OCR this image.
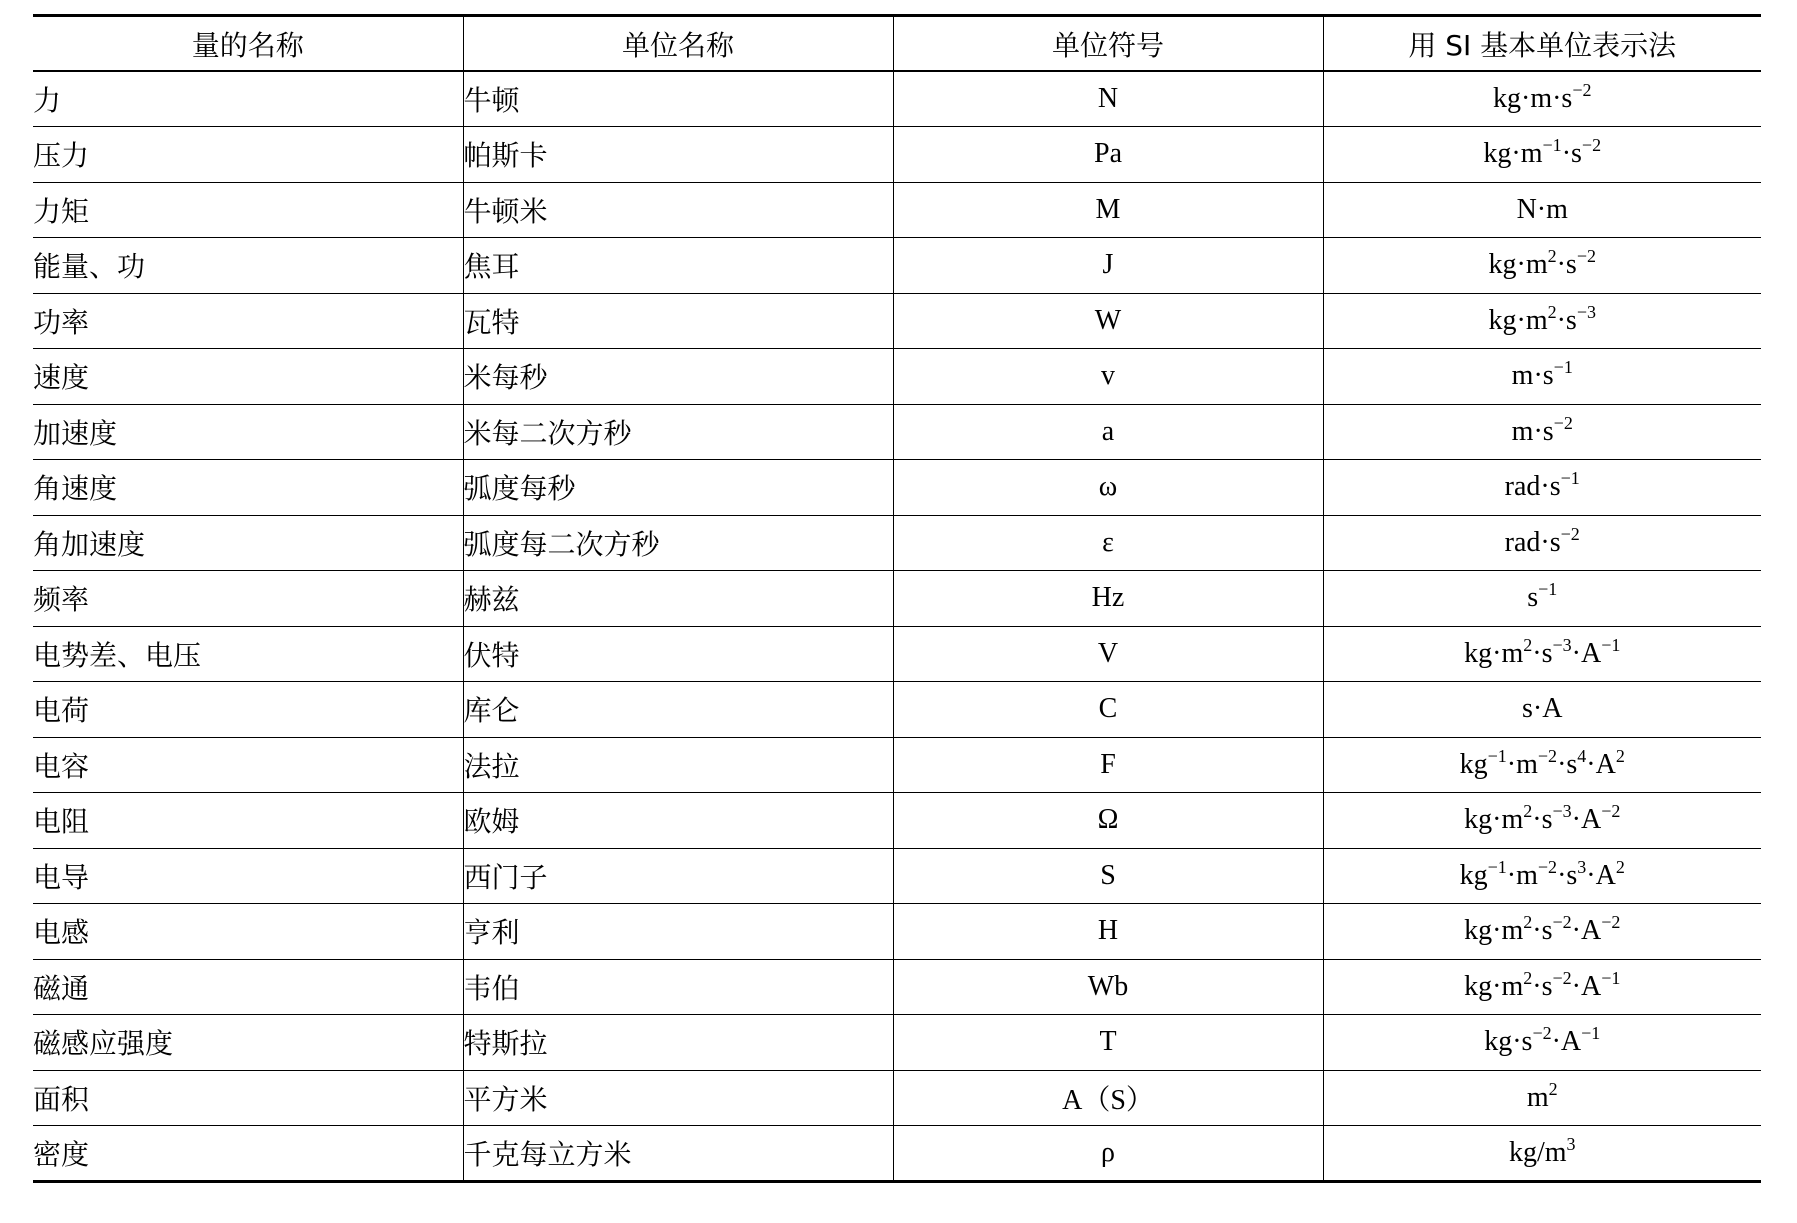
量的名称	单位名称	单位符号	用 SI 基本单位表示法
力	牛顿	N	$kg\cdot m\cdot s^{-2}$
压力	帕斯卡	Pa	$kg\cdot m^{-1}\cdot s^{-2}$
力矩	牛顿米	M	N·m
能量、功	焦耳	J	$kg\cdot m^2\cdot s^{-2}$
功率	瓦特	W	$kg\cdot m^2\cdot s^{-3}$
速度	米每秒	v	$m\cdot s^{-1}$
加速度	米每二次方秒	a	$m\cdot s^{-2}$
角速度	弧度每秒	ω	$rad\cdot s^{-1}$
角加速度	弧度每二次方秒	ε	$rad\cdot s^{-2}$
频率	赫兹	Hz	$s^{-1}$
电势差、电压	伏特	V	$kg\cdot m^2\cdot s^{-3}\cdot A^{-1}$
电荷	库仑	C	s·A
电容	法拉	F	$kg^{-1}\cdot m^{-2}\cdot s^4\cdot A^2$
电阻	欧姆	Ω	$kg\cdot m^2\cdot s^{-3}\cdot A^{-2}$
电导	西门子	S	$kg^{-1}\cdot m^{-2}\cdot s^3\cdot A^2$
电感	亨利	H	$kg\cdot m^2\cdot s^{-2}\cdot A^{-2}$
磁通	韦伯	Wb	$kg\cdot m^2\cdot s^{-2}\cdot A^{-1}$
磁感应强度	特斯拉	T	$kg\cdot s^{-2}\cdot A^{-1}$
面积	平方米	A（S）	$m^2$
密度	千克每立方米	ρ	$kg/m^3$
